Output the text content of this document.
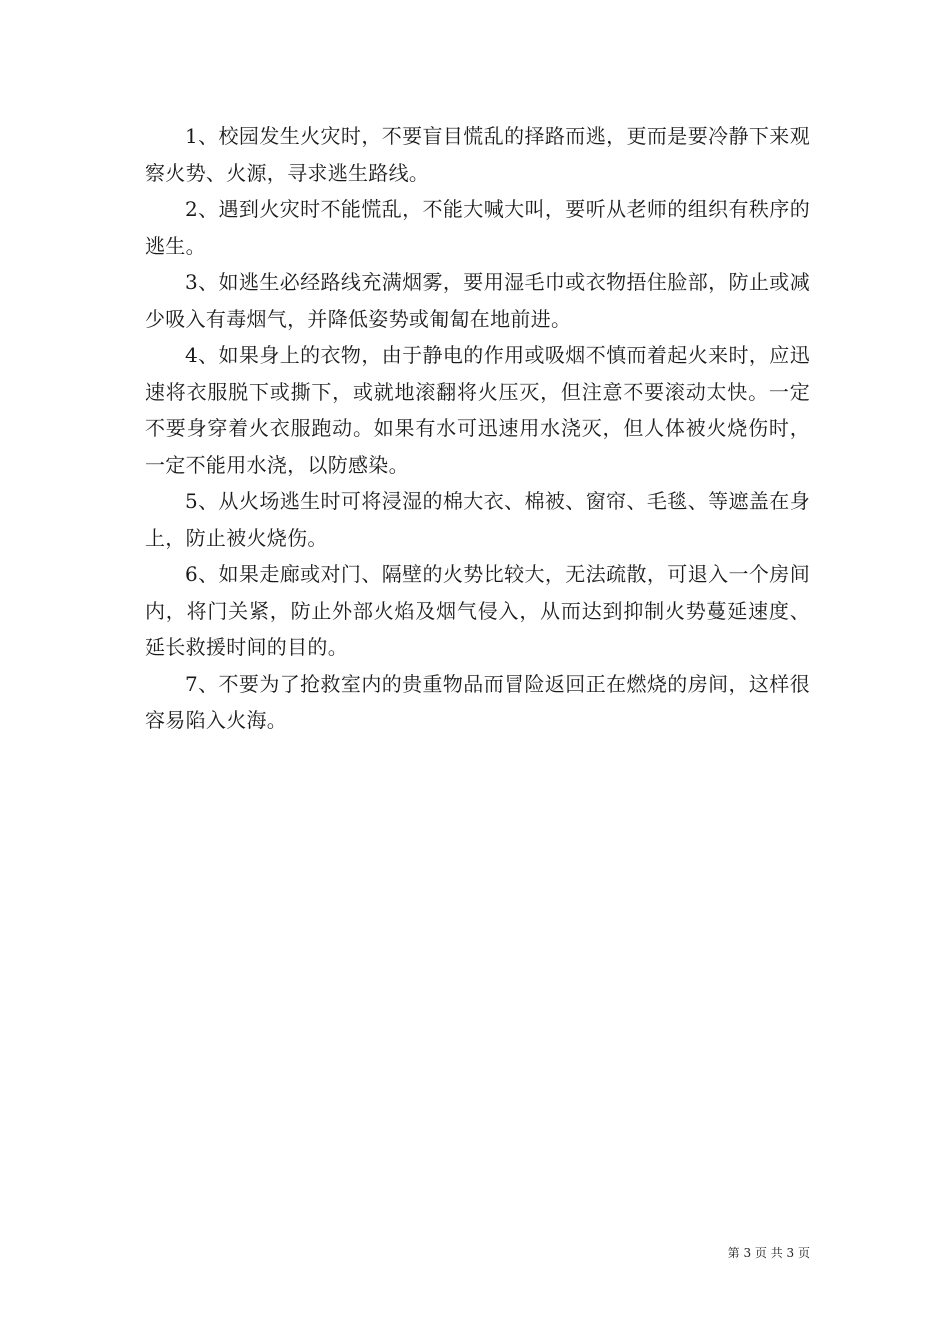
1、校园发生火灾时，不要盲目慌乱的择路而逃，更而是要冷静下来观察火势、火源，寻求逃生路线。

2、遇到火灾时不能慌乱，不能大喊大叫，要听从老师的组织有秩序的逃生。

3、如逃生必经路线充满烟雾，要用湿毛巾或衣物捂住脸部，防止或减少吸入有毒烟气，并降低姿势或匍匐在地前进。

4、如果身上的衣物，由于静电的作用或吸烟不慎而着起火来时，应迅速将衣服脱下或撕下，或就地滚翻将火压灭，但注意不要滚动太快。一定不要身穿着火衣服跑动。如果有水可迅速用水浇灭，但人体被火烧伤时，一定不能用水浇，以防感染。

5、从火场逃生时可将浸湿的棉大衣、棉被、窗帘、毛毯、等遮盖在身上，防止被火烧伤。

6、如果走廊或对门、隔壁的火势比较大，无法疏散，可退入一个房间内，将门关紧，防止外部火焰及烟气侵入，从而达到抑制火势蔓延速度、延长救援时间的目的。

7、不要为了抢救室内的贵重物品而冒险返回正在燃烧的房间，这样很容易陷入火海。

第 3 页 共 3 页
